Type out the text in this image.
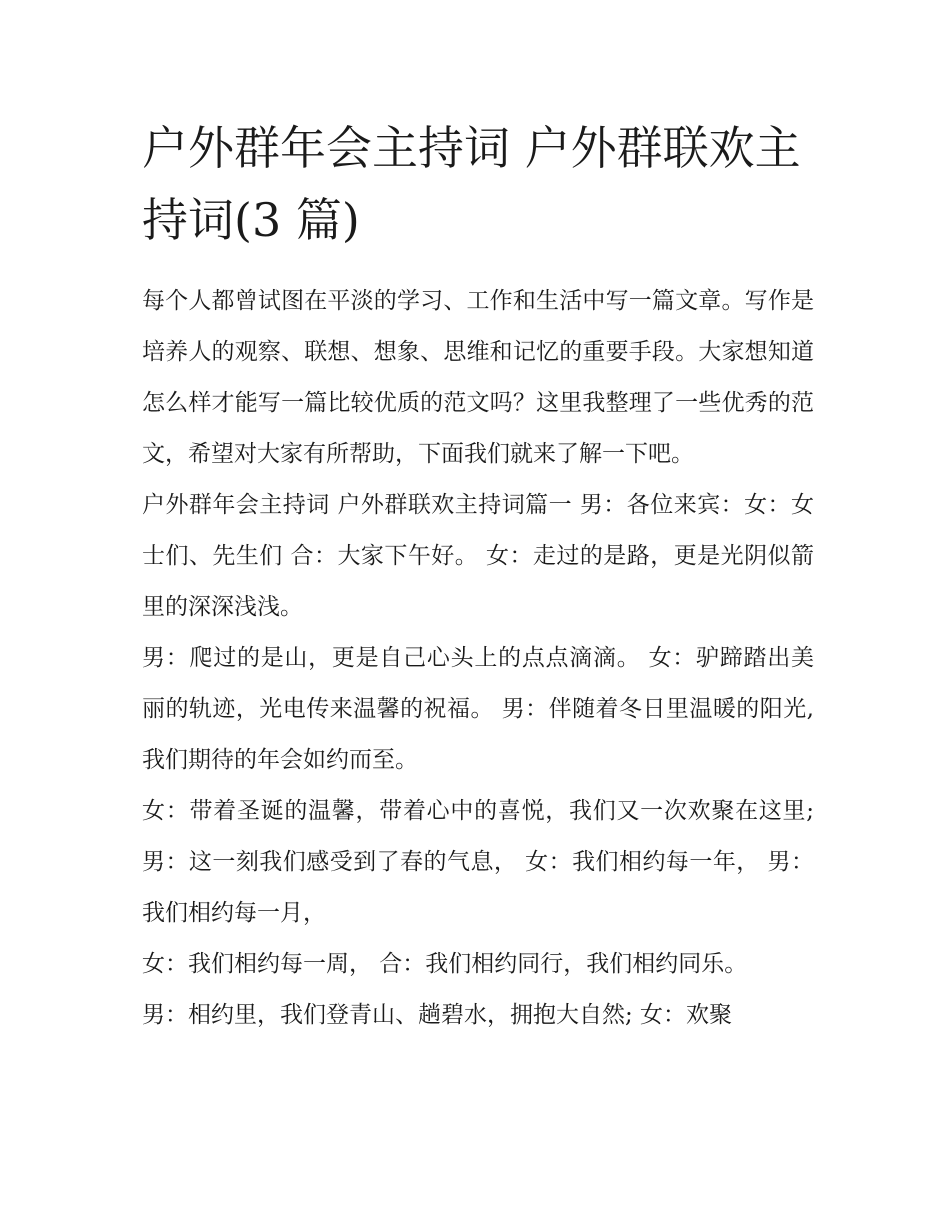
户外群年会主持词 户外群联欢主持词(3 篇)

每个人都曾试图在平淡的学习、工作和生活中写一篇文章。写作是培养人的观察、联想、想象、思维和记忆的重要手段。大家想知道怎么样才能写一篇比较优质的范文吗？这里我整理了一些优秀的范文，希望对大家有所帮助，下面我们就来了解一下吧。

户外群年会主持词 户外群联欢主持词篇一 男：各位来宾：女：女士们、先生们 合：大家下午好。 女：走过的是路，更是光阴似箭里的深深浅浅。

男：爬过的是山，更是自己心头上的点点滴滴。 女：驴蹄踏出美丽的轨迹，光电传来温馨的祝福。 男：伴随着冬日里温暖的阳光,我们期待的年会如约而至。

女：带着圣诞的温馨，带着心中的喜悦，我们又一次欢聚在这里; 男：这一刻我们感受到了春的气息， 女：我们相约每一年， 男：我们相约每一月，

女：我们相约每一周， 合：我们相约同行，我们相约同乐。

男：相约里，我们登青山、趟碧水，拥抱大自然; 女：欢聚
